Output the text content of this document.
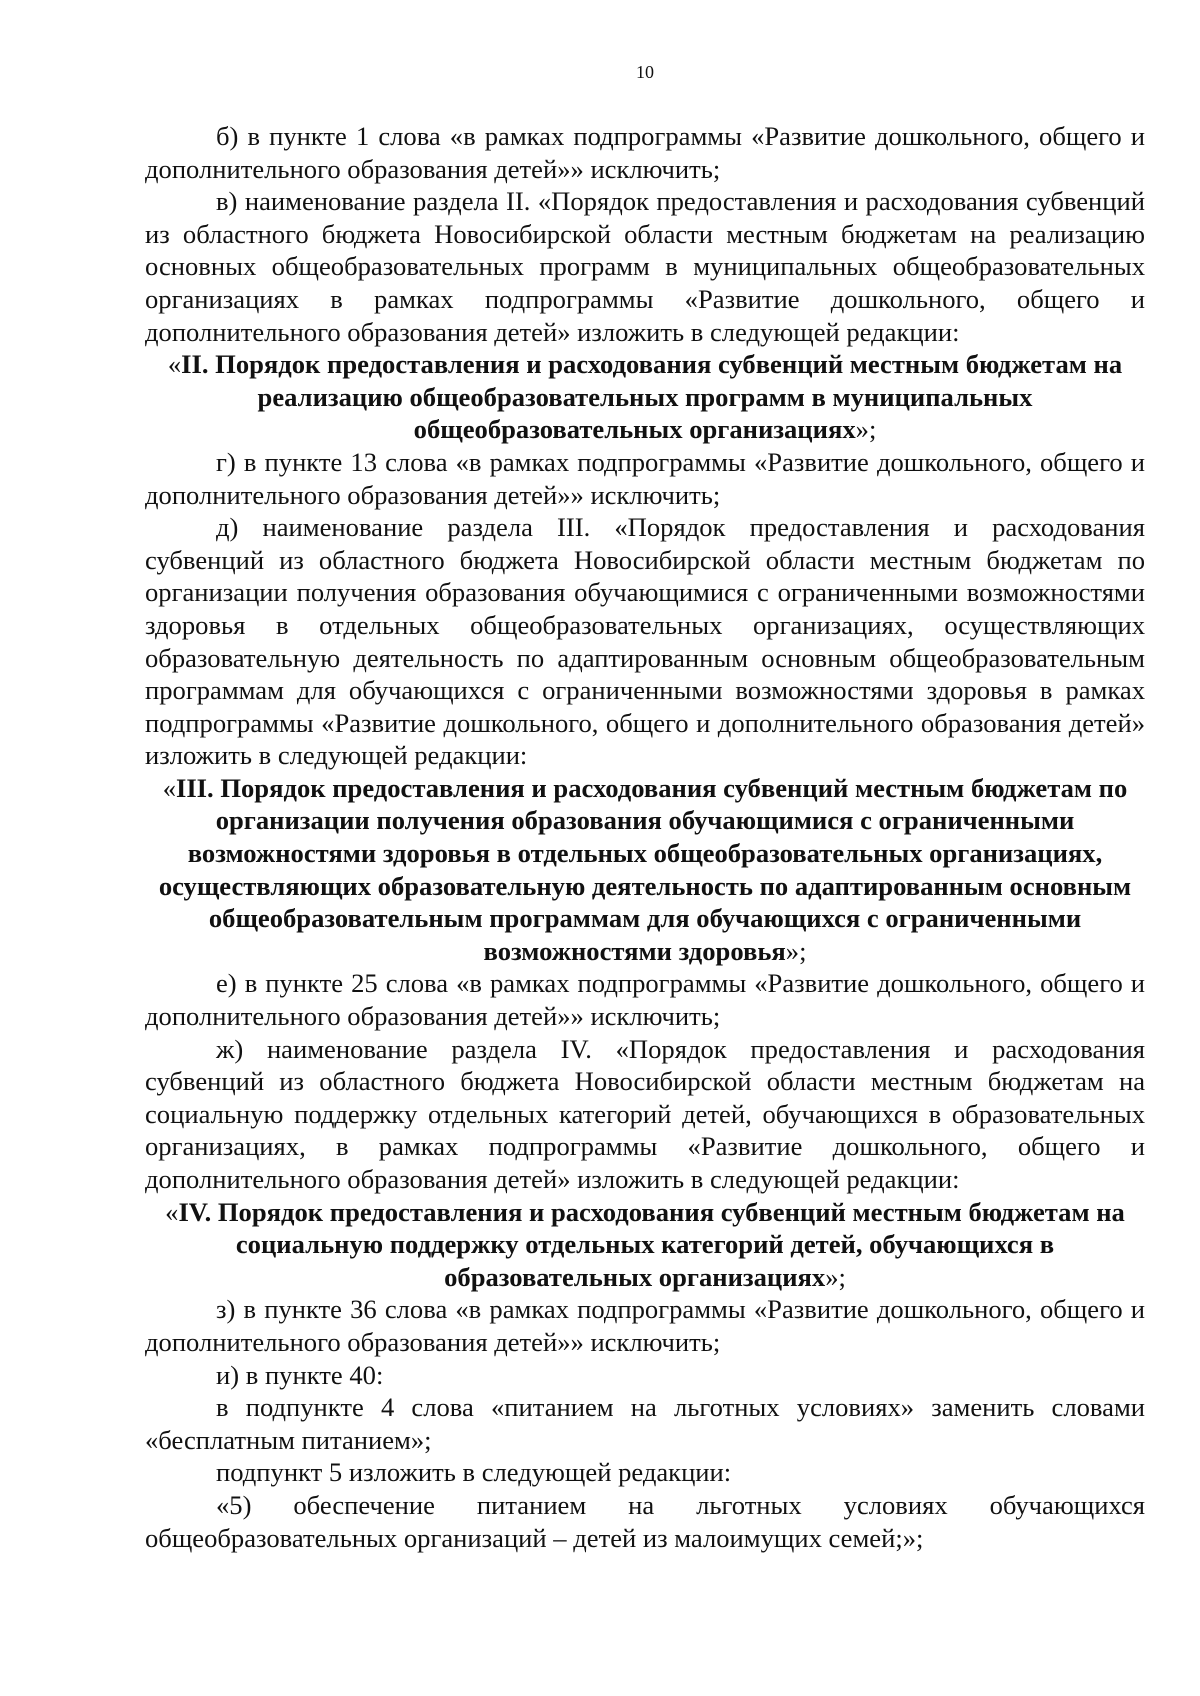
10

б) в пункте 1 слова «в рамках подпрограммы «Развитие дошкольного, общего и дополнительного образования детей»» исключить;

в) наименование раздела II. «Порядок предоставления и расходования субвенций из областного бюджета Новосибирской области местным бюджетам на реализацию основных общеобразовательных программ в муниципальных общеобразовательных организациях в рамках подпрограммы «Развитие дошкольного, общего и дополнительного образования детей» изложить в следующей редакции:

«II. Порядок предоставления и расходования субвенций местным бюджетам на реализацию общеобразовательных программ в муниципальных общеобразовательных организациях»;

г) в пункте 13 слова «в рамках подпрограммы «Развитие дошкольного, общего и дополнительного образования детей»» исключить;

д) наименование раздела III. «Порядок предоставления и расходования субвенций из областного бюджета Новосибирской области местным бюджетам по организации получения образования обучающимися с ограниченными возможностями здоровья в отдельных общеобразовательных организациях, осуществляющих образовательную деятельность по адаптированным основным общеобразовательным программам для обучающихся с ограниченными возможностями здоровья в рамках подпрограммы «Развитие дошкольного, общего и дополнительного образования детей» изложить в следующей редакции:

«III. Порядок предоставления и расходования субвенций местным бюджетам по организации получения образования обучающимися с ограниченными возможностями здоровья в отдельных общеобразовательных организациях, осуществляющих образовательную деятельность по адаптированным основным общеобразовательным программам для обучающихся с ограниченными возможностями здоровья»;

е) в пункте 25 слова «в рамках подпрограммы «Развитие дошкольного, общего и дополнительного образования детей»» исключить;

ж) наименование раздела IV. «Порядок предоставления и расходования субвенций из областного бюджета Новосибирской области местным бюджетам на социальную поддержку отдельных категорий детей, обучающихся в образовательных организациях, в рамках подпрограммы «Развитие дошкольного, общего и дополнительного образования детей» изложить в следующей редакции:

«IV. Порядок предоставления и расходования субвенций местным бюджетам на социальную поддержку отдельных категорий детей, обучающихся в образовательных организациях»;

з) в пункте 36 слова «в рамках подпрограммы «Развитие дошкольного, общего и дополнительного образования детей»» исключить;

и) в пункте 40:

в подпункте 4 слова «питанием на льготных условиях» заменить словами «бесплатным питанием»;

подпункт 5 изложить в следующей редакции:

«5) обеспечение питанием на льготных условиях обучающихся общеобразовательных организаций – детей из малоимущих семей;»;
